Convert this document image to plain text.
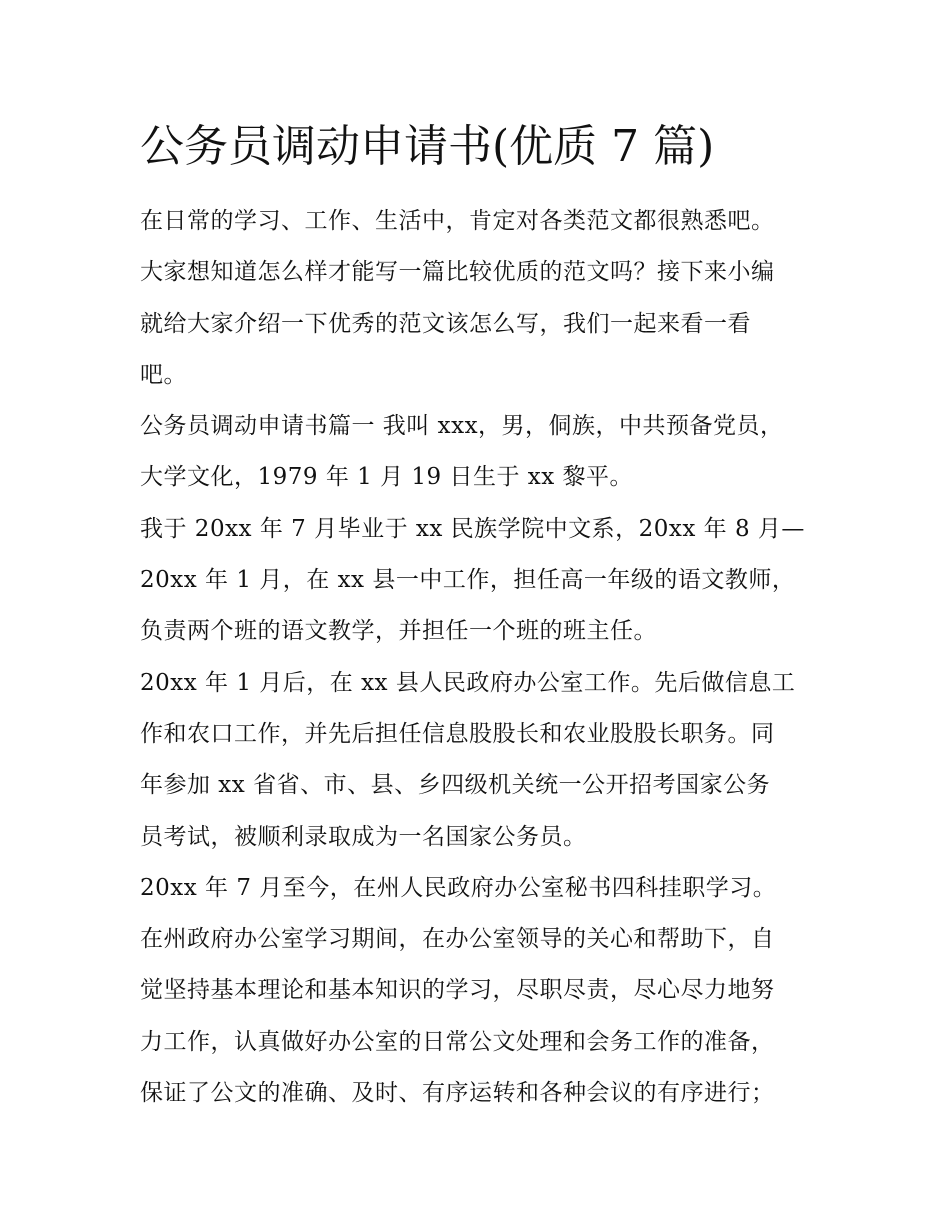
公务员调动申请书(优质 7 篇)
在日常的学习、工作、生活中，肯定对各类范文都很熟悉吧。
大家想知道怎么样才能写一篇比较优质的范文吗？接下来小编
就给大家介绍一下优秀的范文该怎么写，我们一起来看一看
吧。
公务员调动申请书篇一 我叫 xxx，男，侗族，中共预备党员，
大学文化，1979 年 1 月 19 日生于 xx 黎平。
我于 20xx 年 7 月毕业于 xx 民族学院中文系，20xx 年 8 月—
20xx 年 1 月，在 xx 县一中工作，担任高一年级的语文教师，
负责两个班的语文教学，并担任一个班的班主任。
20xx 年 1 月后，在 xx 县人民政府办公室工作。先后做信息工
作和农口工作，并先后担任信息股股长和农业股股长职务。同
年参加 xx 省省、市、县、乡四级机关统一公开招考国家公务
员考试，被顺利录取成为一名国家公务员。
20xx 年 7 月至今，在州人民政府办公室秘书四科挂职学习。
在州政府办公室学习期间，在办公室领导的关心和帮助下，自
觉坚持基本理论和基本知识的学习，尽职尽责，尽心尽力地努
力工作，认真做好办公室的日常公文处理和会务工作的准备，
保证了公文的准确、及时、有序运转和各种会议的有序进行；
